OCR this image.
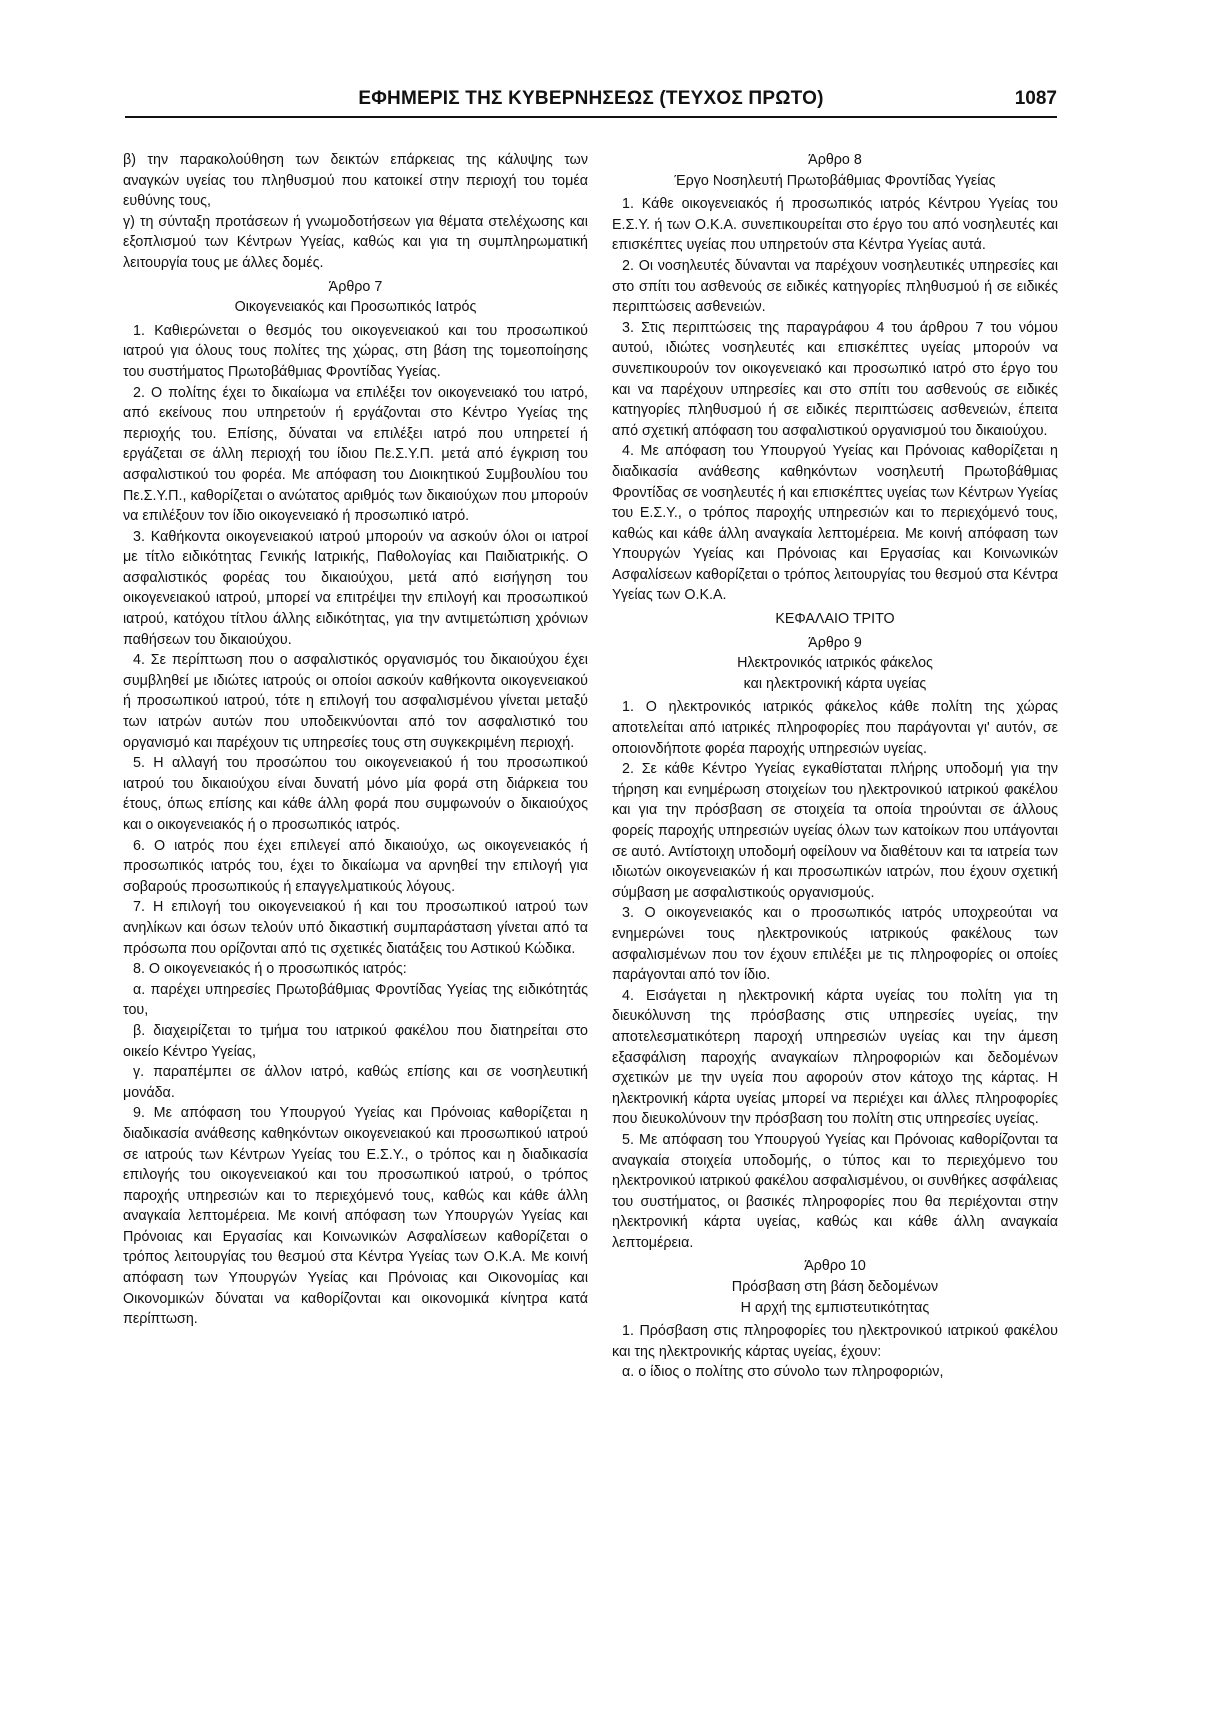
ΕΦΗΜΕΡΙΣ ΤΗΣ ΚΥΒΕΡΝΗΣΕΩΣ (ΤΕΥΧΟΣ ΠΡΩΤΟ)	1087

β) την παρακολούθηση των δεικτών επάρκειας της κάλυψης των αναγκών υγείας του πληθυσμού που κατοικεί στην περιοχή του τομέα ευθύνης τους,

γ) τη σύνταξη προτάσεων ή γνωμοδοτήσεων για θέματα στελέχωσης και εξοπλισμού των Κέντρων Υγείας, καθώς και για τη συμπληρωματική λειτουργία τους με άλλες δομές.

Άρθρο 7

Οικογενειακός και Προσωπικός Ιατρός

1. Καθιερώνεται ο θεσμός του οικογενειακού και του προσωπικού ιατρού για όλους τους πολίτες της χώρας, στη βάση της τομεοποίησης του συστήματος Πρωτοβάθμιας Φροντίδας Υγείας.

2. Ο πολίτης έχει το δικαίωμα να επιλέξει τον οικογενειακό του ιατρό, από εκείνους που υπηρετούν ή εργάζονται στο Κέντρο Υγείας της περιοχής του. Επίσης, δύναται να επιλέξει ιατρό που υπηρετεί ή εργάζεται σε άλλη περιοχή του ίδιου Πε.Σ.Υ.Π. μετά από έγκριση του ασφαλιστικού του φορέα. Με απόφαση του Διοικητικού Συμβουλίου του Πε.Σ.Υ.Π., καθορίζεται ο ανώτατος αριθμός των δικαιούχων που μπορούν να επιλέξουν τον ίδιο οικογενειακό ή προσωπικό ιατρό.

3. Καθήκοντα οικογενειακού ιατρού μπορούν να ασκούν όλοι οι ιατροί με τίτλο ειδικότητας Γενικής Ιατρικής, Παθολογίας και Παιδιατρικής. Ο ασφαλιστικός φορέας του δικαιούχου, μετά από εισήγηση του οικογενειακού ιατρού, μπορεί να επιτρέψει την επιλογή και προσωπικού ιατρού, κατόχου τίτλου άλλης ειδικότητας, για την αντιμετώπιση χρόνιων παθήσεων του δικαιούχου.

4. Σε περίπτωση που ο ασφαλιστικός οργανισμός του δικαιούχου έχει συμβληθεί με ιδιώτες ιατρούς οι οποίοι ασκούν καθήκοντα οικογενειακού ή προσωπικού ιατρού, τότε η επιλογή του ασφαλισμένου γίνεται μεταξύ των ιατρών αυτών που υποδεικνύονται από τον ασφαλιστικό του οργανισμό και παρέχουν τις υπηρεσίες τους στη συγκεκριμένη περιοχή.

5. Η αλλαγή του προσώπου του οικογενειακού ή του προσωπικού ιατρού του δικαιούχου είναι δυνατή μόνο μία φορά στη διάρκεια του έτους, όπως επίσης και κάθε άλλη φορά που συμφωνούν ο δικαιούχος και ο οικογενειακός ή ο προσωπικός ιατρός.

6. Ο ιατρός που έχει επιλεγεί από δικαιούχο, ως οικογενειακός ή προσωπικός ιατρός του, έχει το δικαίωμα να αρνηθεί την επιλογή για σοβαρούς προσωπικούς ή επαγγελματικούς λόγους.

7. Η επιλογή του οικογενειακού ή και του προσωπικού ιατρού των ανηλίκων και όσων τελούν υπό δικαστική συμπαράσταση γίνεται από τα πρόσωπα που ορίζονται από τις σχετικές διατάξεις του Αστικού Κώδικα.

8. Ο οικογενειακός ή ο προσωπικός ιατρός:

α. παρέχει υπηρεσίες Πρωτοβάθμιας Φροντίδας Υγείας της ειδικότητάς του,

β. διαχειρίζεται το τμήμα του ιατρικού φακέλου που διατηρείται στο οικείο Κέντρο Υγείας,

γ. παραπέμπει σε άλλον ιατρό, καθώς επίσης και σε νοσηλευτική μονάδα.

9. Με απόφαση του Υπουργού Υγείας και Πρόνοιας καθορίζεται η διαδικασία ανάθεσης καθηκόντων οικογενειακού και προσωπικού ιατρού σε ιατρούς των Κέντρων Υγείας του Ε.Σ.Υ., ο τρόπος και η διαδικασία επιλογής του οικογενειακού και του προσωπικού ιατρού, ο τρόπος παροχής υπηρεσιών και το περιεχόμενό τους, καθώς και κάθε άλλη αναγκαία λεπτομέρεια. Με κοινή απόφαση των Υπουργών Υγείας και Πρόνοιας και Εργασίας και Κοινωνικών Ασφαλίσεων καθορίζεται ο τρόπος λειτουργίας του θεσμού στα Κέντρα Υγείας των Ο.Κ.Α. Με κοινή απόφαση των Υπουργών Υγείας και Πρόνοιας και Οικονομίας και Οικονομικών δύναται να καθορίζονται και οικονομικά κίνητρα κατά περίπτωση.

Άρθρο 8

Έργο Νοσηλευτή Πρωτοβάθμιας Φροντίδας Υγείας

1. Κάθε οικογενειακός ή προσωπικός ιατρός Κέντρου Υγείας του Ε.Σ.Υ. ή των Ο.Κ.Α. συνεπικουρείται στο έργο του από νοσηλευτές και επισκέπτες υγείας που υπηρετούν στα Κέντρα Υγείας αυτά.

2. Οι νοσηλευτές δύνανται να παρέχουν νοσηλευτικές υπηρεσίες και στο σπίτι του ασθενούς σε ειδικές κατηγορίες πληθυσμού ή σε ειδικές περιπτώσεις ασθενειών.

3. Στις περιπτώσεις της παραγράφου 4 του άρθρου 7 του νόμου αυτού, ιδιώτες νοσηλευτές και επισκέπτες υγείας μπορούν να συνεπικουρούν τον οικογενειακό και προσωπικό ιατρό στο έργο του και να παρέχουν υπηρεσίες και στο σπίτι του ασθενούς σε ειδικές κατηγορίες πληθυσμού ή σε ειδικές περιπτώσεις ασθενειών, έπειτα από σχετική απόφαση του ασφαλιστικού οργανισμού του δικαιούχου.

4. Με απόφαση του Υπουργού Υγείας και Πρόνοιας καθορίζεται η διαδικασία ανάθεσης καθηκόντων νοσηλευτή Πρωτοβάθμιας Φροντίδας σε νοσηλευτές ή και επισκέπτες υγείας των Κέντρων Υγείας του Ε.Σ.Υ., ο τρόπος παροχής υπηρεσιών και το περιεχόμενό τους, καθώς και κάθε άλλη αναγκαία λεπτομέρεια. Με κοινή απόφαση των Υπουργών Υγείας και Πρόνοιας και Εργασίας και Κοινωνικών Ασφαλίσεων καθορίζεται ο τρόπος λειτουργίας του θεσμού στα Κέντρα Υγείας των Ο.Κ.Α.

ΚΕΦΑΛΑΙΟ ΤΡΙΤΟ

Άρθρο 9

Ηλεκτρονικός ιατρικός φάκελος

και ηλεκτρονική κάρτα υγείας

1. Ο ηλεκτρονικός ιατρικός φάκελος κάθε πολίτη της χώρας αποτελείται από ιατρικές πληροφορίες που παράγονται γι' αυτόν, σε οποιονδήποτε φορέα παροχής υπηρεσιών υγείας.

2. Σε κάθε Κέντρο Υγείας εγκαθίσταται πλήρης υποδομή για την τήρηση και ενημέρωση στοιχείων του ηλεκτρονικού ιατρικού φακέλου και για την πρόσβαση σε στοιχεία τα οποία τηρούνται σε άλλους φορείς παροχής υπηρεσιών υγείας όλων των κατοίκων που υπάγονται σε αυτό. Αντίστοιχη υποδομή οφείλουν να διαθέτουν και τα ιατρεία των ιδιωτών οικογενειακών ή και προσωπικών ιατρών, που έχουν σχετική σύμβαση με ασφαλιστικούς οργανισμούς.

3. Ο οικογενειακός και ο προσωπικός ιατρός υποχρεούται να ενημερώνει τους ηλεκτρονικούς ιατρικούς φακέλους των ασφαλισμένων που τον έχουν επιλέξει με τις πληροφορίες οι οποίες παράγονται από τον ίδιο.

4. Εισάγεται η ηλεκτρονική κάρτα υγείας του πολίτη για τη διευκόλυνση της πρόσβασης στις υπηρεσίες υγείας, την αποτελεσματικότερη παροχή υπηρεσιών υγείας και την άμεση εξασφάλιση παροχής αναγκαίων πληροφοριών και δεδομένων σχετικών με την υγεία που αφορούν στον κάτοχο της κάρτας. Η ηλεκτρονική κάρτα υγείας μπορεί να περιέχει και άλλες πληροφορίες που διευκολύνουν την πρόσβαση του πολίτη στις υπηρεσίες υγείας.

5. Με απόφαση του Υπουργού Υγείας και Πρόνοιας καθορίζονται τα αναγκαία στοιχεία υποδομής, ο τύπος και το περιεχόμενο του ηλεκτρονικού ιατρικού φακέλου ασφαλισμένου, οι συνθήκες ασφάλειας του συστήματος, οι βασικές πληροφορίες που θα περιέχονται στην ηλεκτρονική κάρτα υγείας, καθώς και κάθε άλλη αναγκαία λεπτομέρεια.

Άρθρο 10

Πρόσβαση στη βάση δεδομένων

Η αρχή της εμπιστευτικότητας

1. Πρόσβαση στις πληροφορίες του ηλεκτρονικού ιατρικού φακέλου και της ηλεκτρονικής κάρτας υγείας, έχουν:

α. ο ίδιος ο πολίτης στο σύνολο των πληροφοριών,
